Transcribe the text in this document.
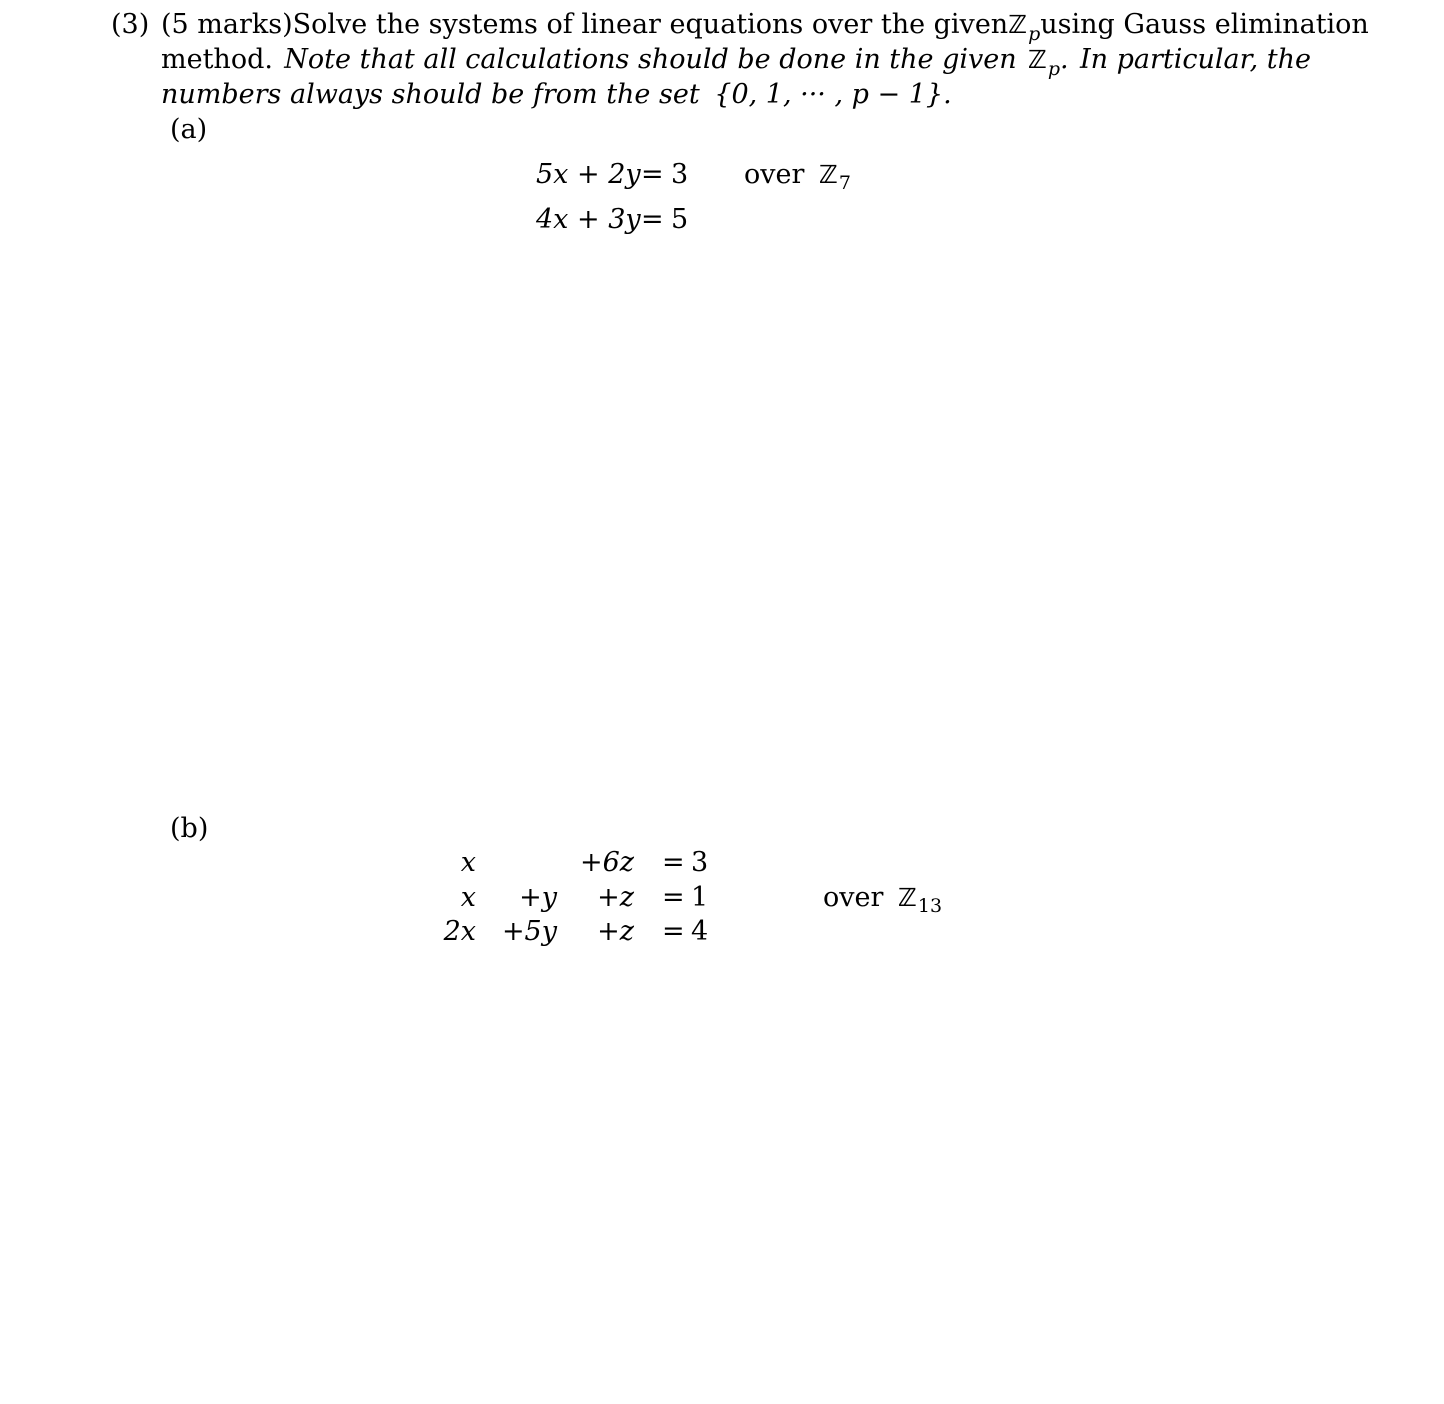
(3) (5 marks) Solve the systems of linear equations over the given ℤ$_p$ using Gauss elimination
method. Note that all calculations should be done in the given ℤ$_p$. In particular, the
numbers always should be from the set {0, 1, ··· , p − 1}.
(a)
5x + 2y = 3
4x + 3y = 5
over ℤ$_7$
(b)
x	+6z = 3
x	+y	+z = 1
2x +5y	+z = 4
over ℤ$_{13}$
